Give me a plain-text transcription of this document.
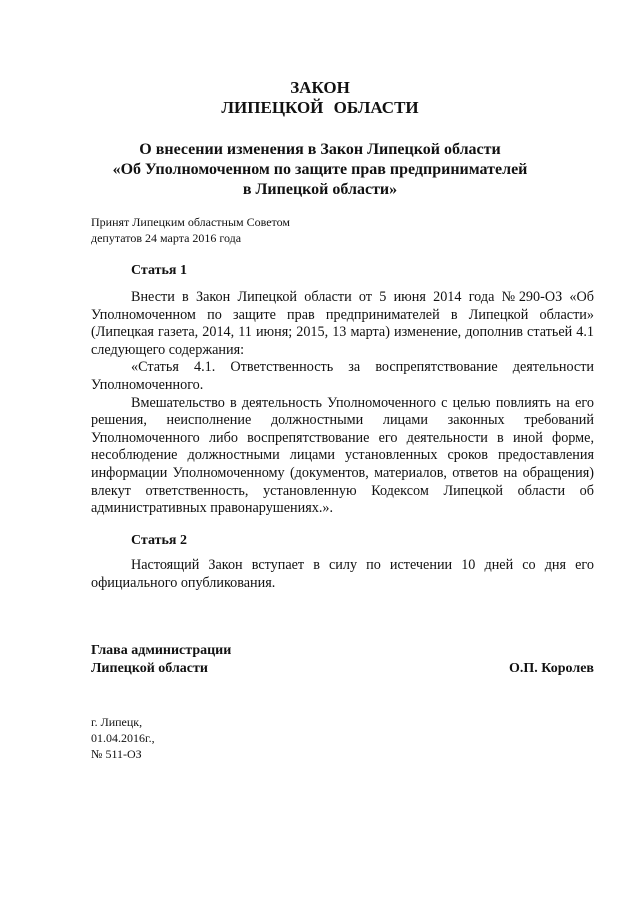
ЗАКОН
ЛИПЕЦКОЙ ОБЛАСТИ
О внесении изменения в Закон Липецкой области
«Об Уполномоченном по защите прав предпринимателей
в Липецкой области»
Принят Липецким областным Советом
депутатов 24 марта 2016 года
Статья 1

Внести в Закон Липецкой области от 5 июня 2014 года №290-ОЗ «Об Уполномоченном по защите прав предпринимателей в Липецкой области» (Липецкая газета, 2014, 11 июня; 2015, 13 марта) изменение, дополнив статьей 4.1 следующего содержания:

«Статья 4.1. Ответственность за воспрепятствование деятельности Уполномоченного.

Вмешательство в деятельность Уполномоченного с целью повлиять на его решения, неисполнение должностными лицами законных требований Уполномоченного либо воспрепятствование его деятельности в иной форме, несоблюдение должностными лицами установленных сроков предоставления информации Уполномоченному (документов, материалов, ответов на обращения) влекут ответственность, установленную Кодексом Липецкой области об административных правонарушениях.».

Статья 2

Настоящий Закон вступает в силу по истечении 10 дней со дня его официального опубликования.

Глава администрации
Липецкой области	О.П. Королев
г. Липецк,
01.04.2016г.,
№ 511-ОЗ
